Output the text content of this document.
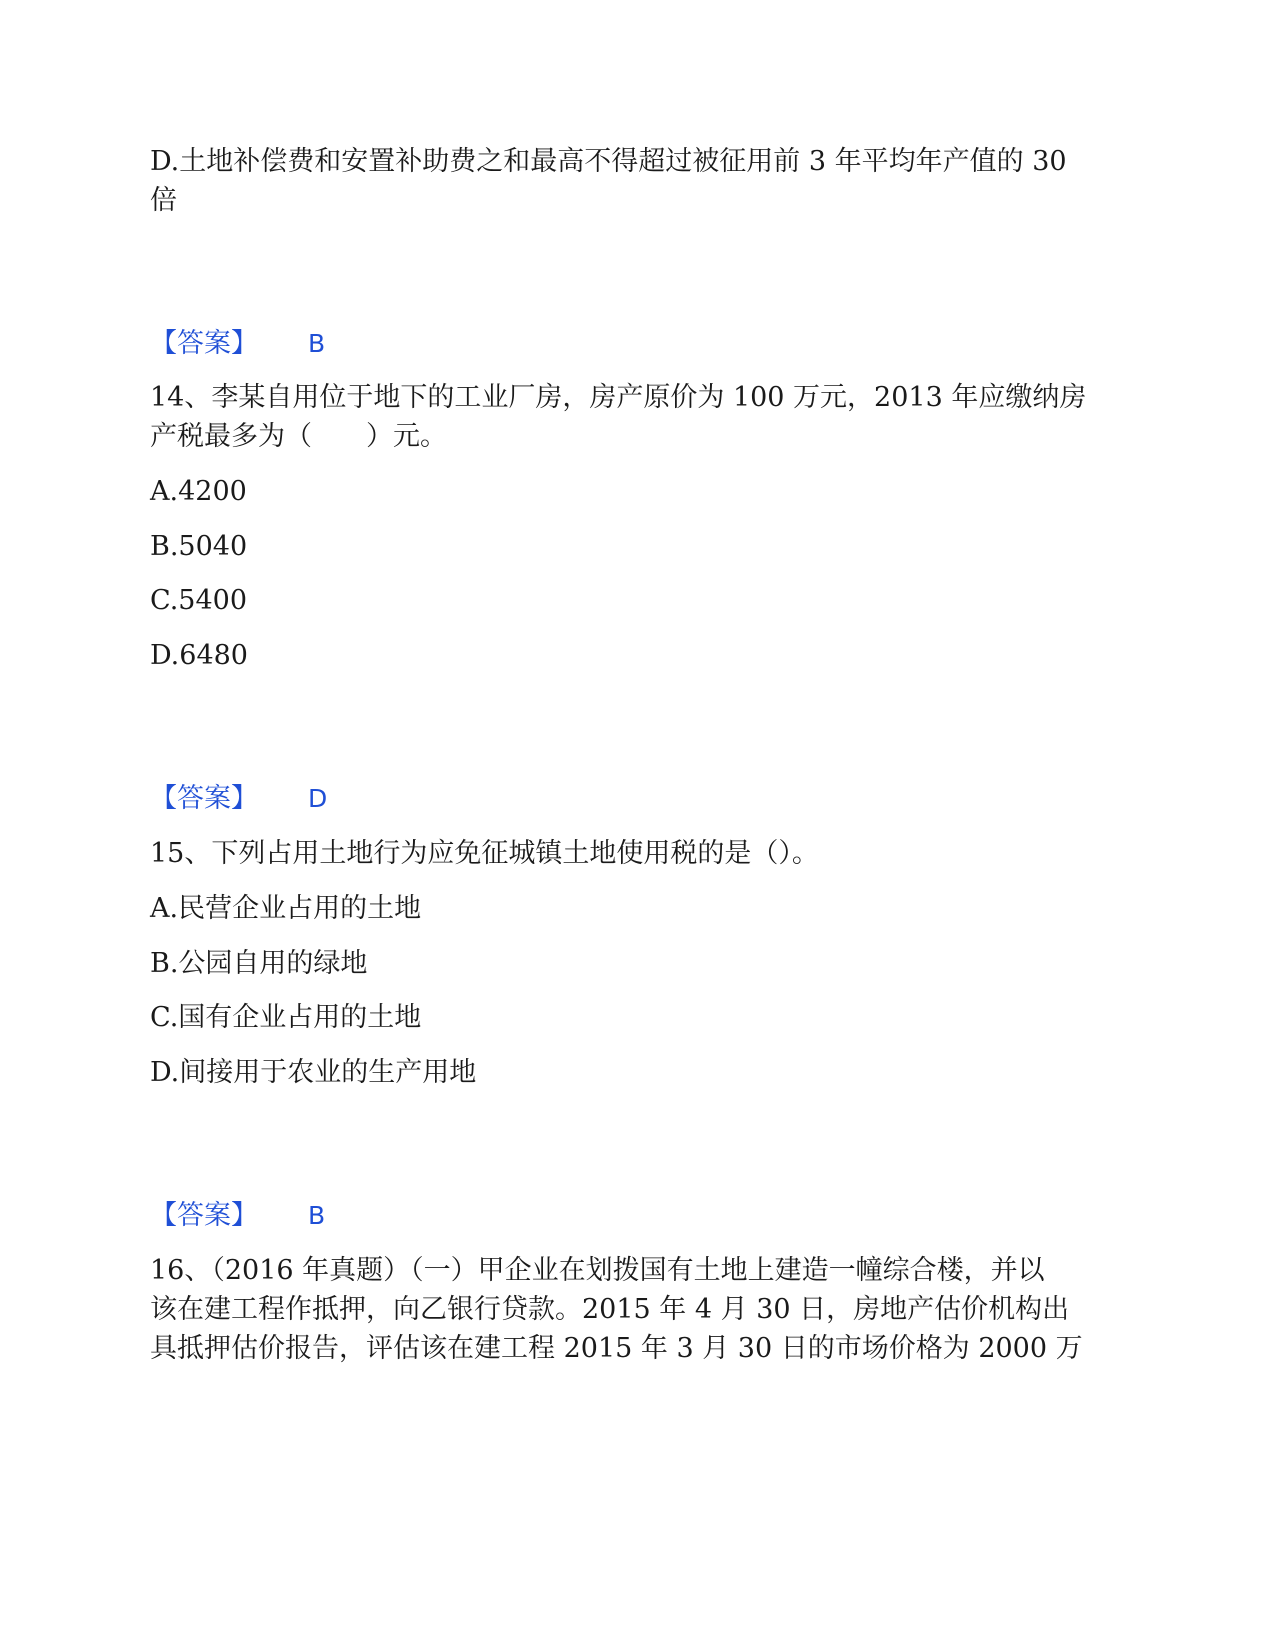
D.土地补偿费和安置补助费之和最高不得超过被征用前 3 年平均年产值的 30
倍
【答案】 B
14、李某自用位于地下的工业厂房，房产原价为 100 万元，2013 年应缴纳房
产税最多为（　　）元。
A.4200
B.5040
C.5400
D.6480
【答案】 D
15、下列占用土地行为应免征城镇土地使用税的是（）。
A.民营企业占用的土地
B.公园自用的绿地
C.国有企业占用的土地
D.间接用于农业的生产用地
【答案】 B
16、（2016 年真题）（一）甲企业在划拨国有土地上建造一幢综合楼，并以
该在建工程作抵押，向乙银行贷款。2015 年 4 月 30 日，房地产估价机构出
具抵押估价报告，评估该在建工程 2015 年 3 月 30 日的市场价格为 2000 万
